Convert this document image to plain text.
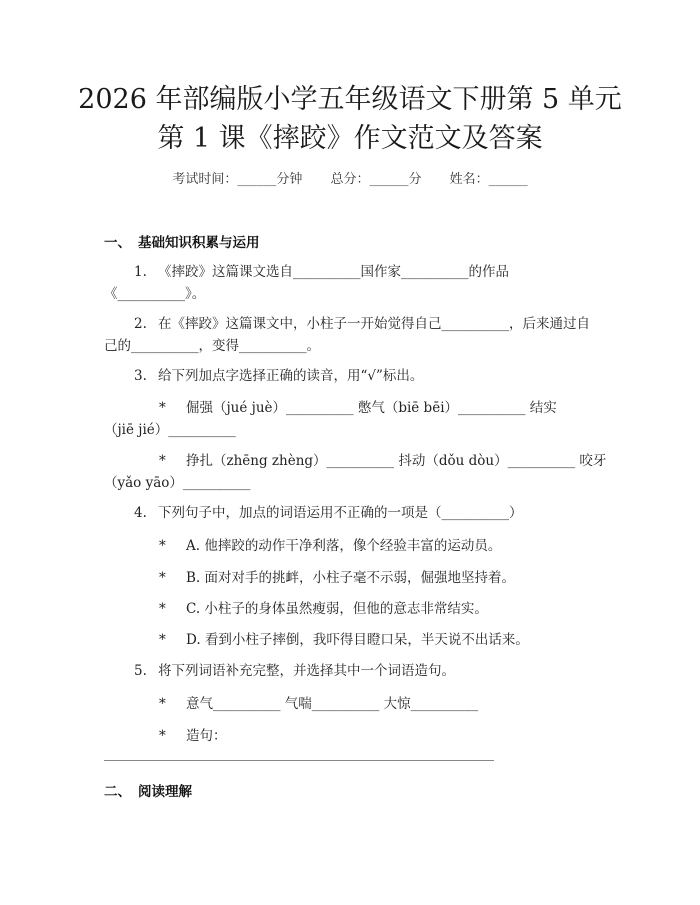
2026 年部编版小学五年级语文下册第 5 单元
第 1 课《摔跤》作文范文及答案
考试时间：______分钟 总分：______分 姓名：______
一、 基础知识积累与运用
1. 《摔跤》这篇课文选自__________国作家__________的作品
《__________》。
2. 在《摔跤》这篇课文中，小柱子一开始觉得自己__________，后来通过自
己的__________，变得__________。
3. 给下列加点字选择正确的读音，用“√”标出。
* 倔强（jué juè）__________ 憋气（biē bēi）__________ 结实
（jiē jié）__________
* 挣扎（zhēng zhèng）__________ 抖动（dǒu dòu）__________ 咬牙
（yǎo yāo）__________
4. 下列句子中，加点的词语运用不正确的一项是（__________）
* A. 他摔跤的动作干净利落，像个经验丰富的运动员。
* B. 面对对手的挑衅，小柱子毫不示弱，倔强地坚持着。
* C. 小柱子的身体虽然瘦弱，但他的意志非常结实。
* D. 看到小柱子摔倒，我吓得目瞪口呆，半天说不出话来。
5. 将下列词语补充完整，并选择其中一个词语造句。
* 意气__________ 气喘__________ 大惊__________
* 造句：
二、 阅读理解
